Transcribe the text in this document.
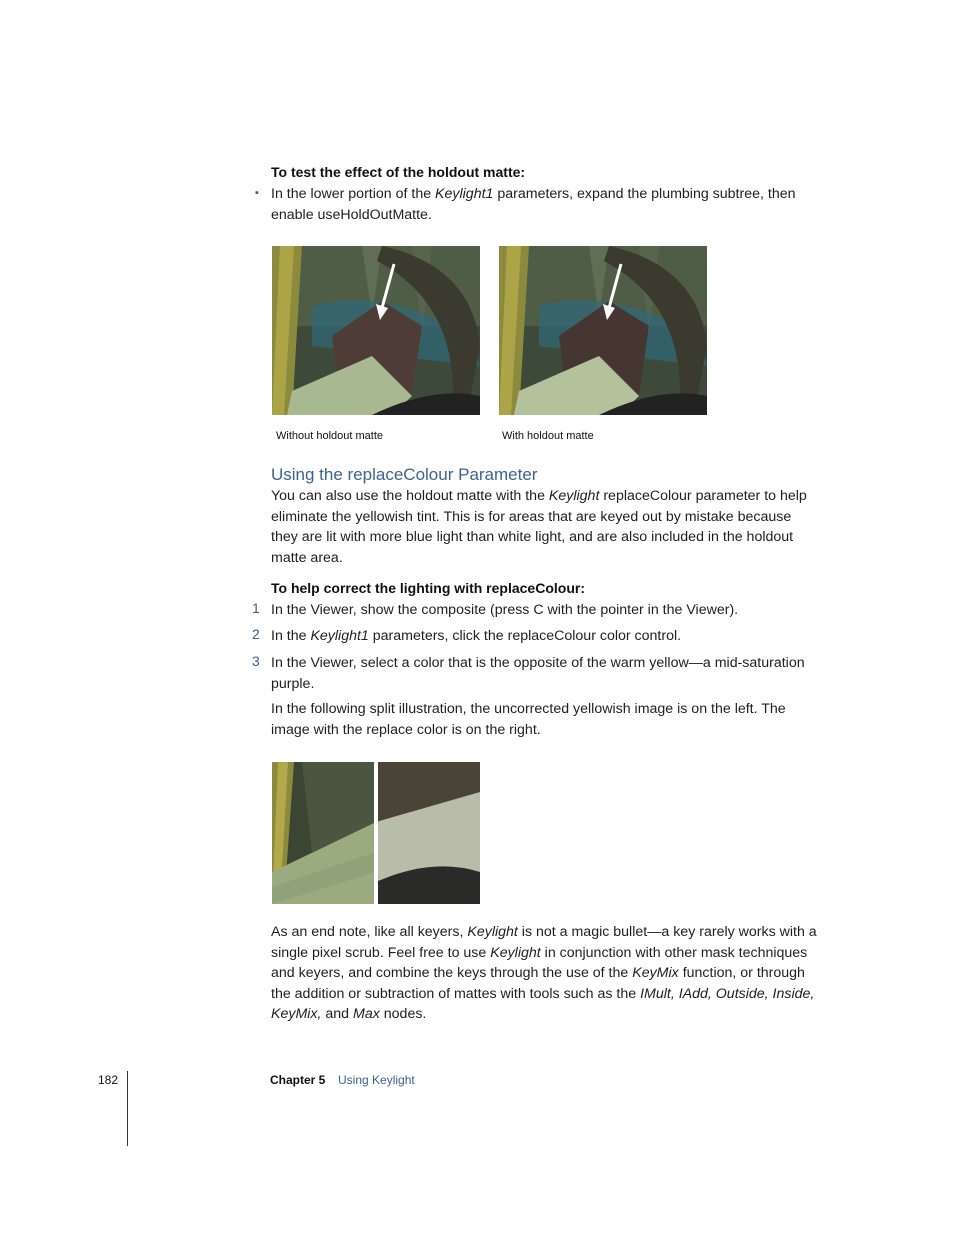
To test the effect of the holdout matte:
▪ In the lower portion of the Keylight1 parameters, expand the plumbing subtree, then
enable useHoldOutMatte.
Without holdout matte	With holdout matte
Using the replaceColour Parameter
You can also use the holdout matte with the Keylight replaceColour parameter to help
eliminate the yellowish tint. This is for areas that are keyed out by mistake because
they are lit with more blue light than white light, and are also included in the holdout
matte area.
To help correct the lighting with replaceColour:
1 In the Viewer, show the composite (press C with the pointer in the Viewer).
2 In the Keylight1 parameters, click the replaceColour color control.
3 In the Viewer, select a color that is the opposite of the warm yellow—a mid-saturation
purple.
In the following split illustration, the uncorrected yellowish image is on the left. The
image with the replace color is on the right.
As an end note, like all keyers, Keylight is not a magic bullet—a key rarely works with a
single pixel scrub. Feel free to use Keylight in conjunction with other mask techniques
and keyers, and combine the keys through the use of the KeyMix function, or through
the addition or subtraction of mattes with tools such as the IMult, IAdd, Outside, Inside,
KeyMix, and Max nodes.
182	Chapter 5 Using Keylight
